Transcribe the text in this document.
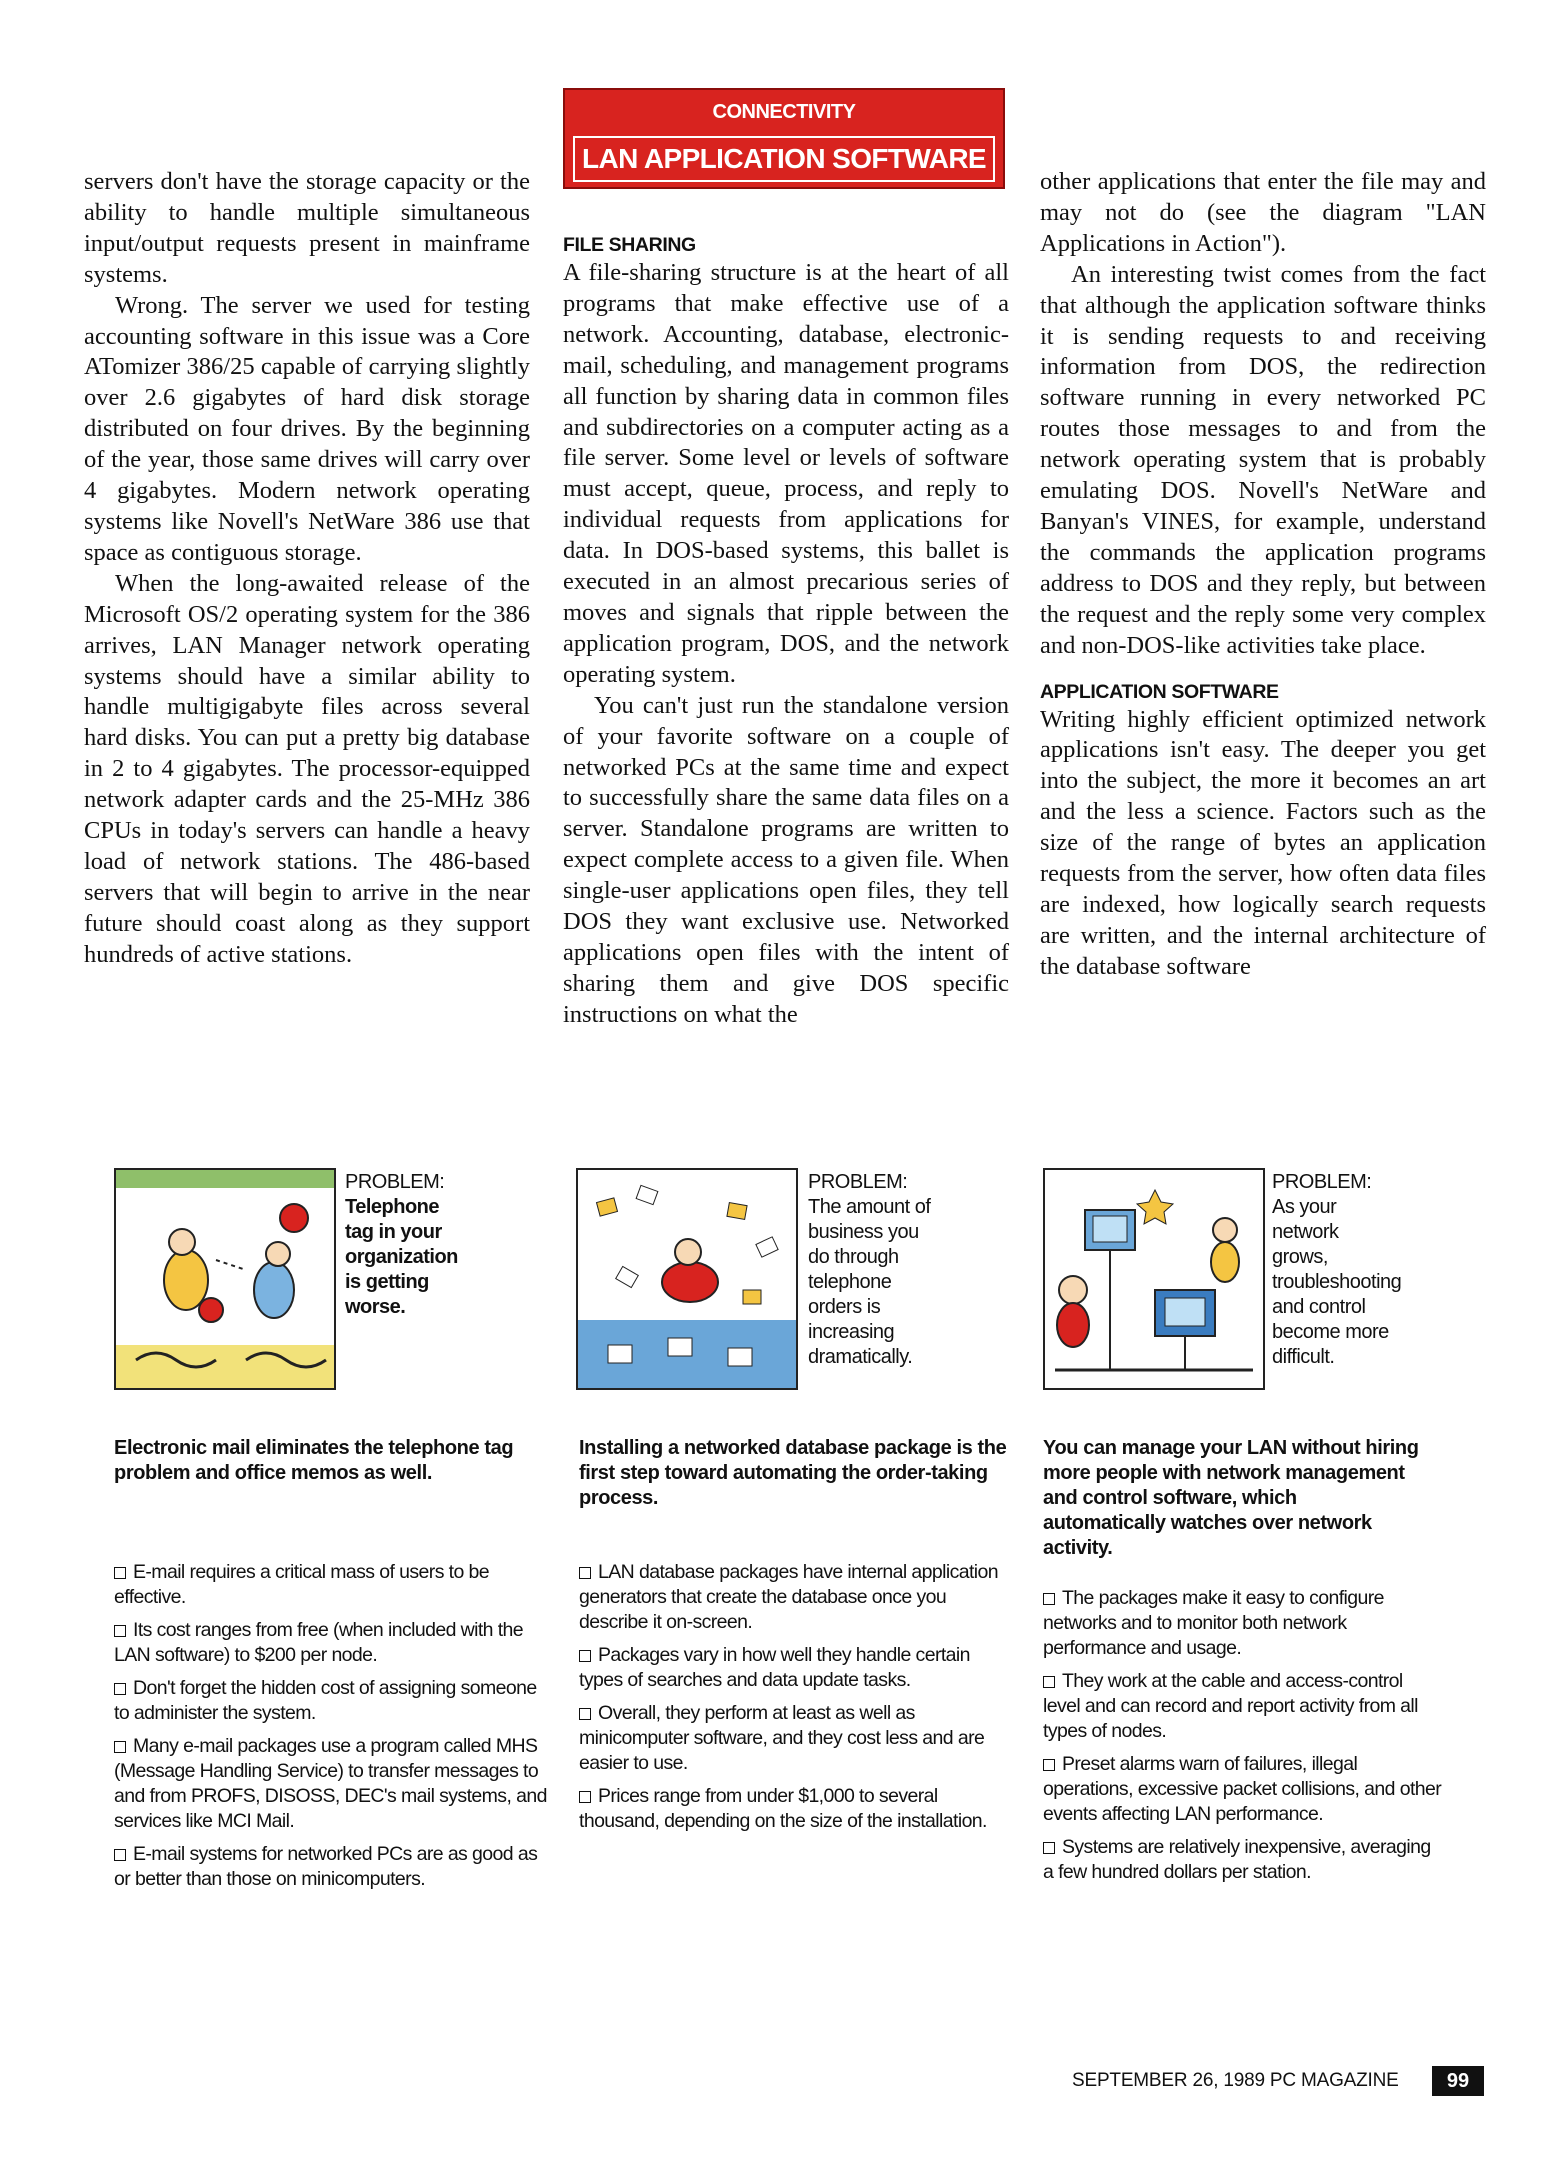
CONNECTIVITY
LAN APPLICATION SOFTWARE

servers don't have the storage capacity or the ability to handle multiple simultaneous input/output requests present in mainframe systems.

Wrong. The server we used for testing accounting software in this issue was a Core ATomizer 386/25 capable of carrying slightly over 2.6 gigabytes of hard disk storage distributed on four drives. By the beginning of the year, those same drives will carry over 4 gigabytes. Modern network operating systems like Novell's NetWare 386 use that space as contiguous storage.

When the long-awaited release of the Microsoft OS/2 operating system for the 386 arrives, LAN Manager network operating systems should have a similar ability to handle multigigabyte files across several hard disks. You can put a pretty big database in 2 to 4 gigabytes. The processor-equipped network adapter cards and the 25-MHz 386 CPUs in today's servers can handle a heavy load of network stations. The 486-based servers that will begin to arrive in the near future should coast along as they support hundreds of active stations.

FILE SHARING

A file-sharing structure is at the heart of all programs that make effective use of a network. Accounting, database, electronic-mail, scheduling, and management programs all function by sharing data in common files and subdirectories on a computer acting as a file server. Some level or levels of software must accept, queue, process, and reply to individual requests from applications for data. In DOS-based systems, this ballet is executed in an almost precarious series of moves and signals that ripple between the application program, DOS, and the network operating system.

You can't just run the standalone version of your favorite software on a couple of networked PCs at the same time and expect to successfully share the same data files on a server. Standalone programs are written to expect complete access to a given file. When single-user applications open files, they tell DOS they want exclusive use. Networked applications open files with the intent of sharing them and give DOS specific instructions on what the

other applications that enter the file may and may not do (see the diagram "LAN Applications in Action").

An interesting twist comes from the fact that although the application software thinks it is sending requests to and receiving information from DOS, the redirection software running in every networked PC routes those messages to and from the network operating system that is probably emulating DOS. Novell's NetWare and Banyan's VINES, for example, understand the commands the application programs address to DOS and they reply, but between the request and the reply some very complex and non-DOS-like activities take place.

APPLICATION SOFTWARE

Writing highly efficient optimized network applications isn't easy. The deeper you get into the subject, the more it becomes an art and the less a science. Factors such as the size of the range of bytes an application requests from the server, how often data files are indexed, how logically search requests are written, and the internal architecture of the database software

PROBLEM:
Telephone
tag in your
organization
is getting
worse.
Electronic mail eliminates the telephone tag problem and office memos as well.
E-mail requires a critical mass of users to be effective.
Its cost ranges from free (when included with the LAN software) to $200 per node.
Don't forget the hidden cost of assigning someone to administer the system.
Many e-mail packages use a program called MHS (Message Handling Service) to transfer messages to and from PROFS, DISOSS, DEC's mail systems, and services like MCI Mail.
E-mail systems for networked PCs are as good as or better than those on minicomputers.
PROBLEM:
The amount of
business you
do through
telephone
orders is
increasing
dramatically.
Installing a networked database package is the first step toward automating the order-taking process.
LAN database packages have internal application generators that create the database once you describe it on-screen.
Packages vary in how well they handle certain types of searches and data update tasks.
Overall, they perform at least as well as minicomputer software, and they cost less and are easier to use.
Prices range from under $1,000 to several thousand, depending on the size of the installation.
PROBLEM:
As your
network
grows,
troubleshooting
and control
become more
difficult.
You can manage your LAN without hiring more people with network management and control software, which automatically watches over network activity.
The packages make it easy to configure networks and to monitor both network performance and usage.
They work at the cable and access-control level and can record and report activity from all types of nodes.
Preset alarms warn of failures, illegal operations, excessive packet collisions, and other events affecting LAN performance.
Systems are relatively inexpensive, averaging a few hundred dollars per station.
SEPTEMBER 26, 1989 PC MAGAZINE	99
